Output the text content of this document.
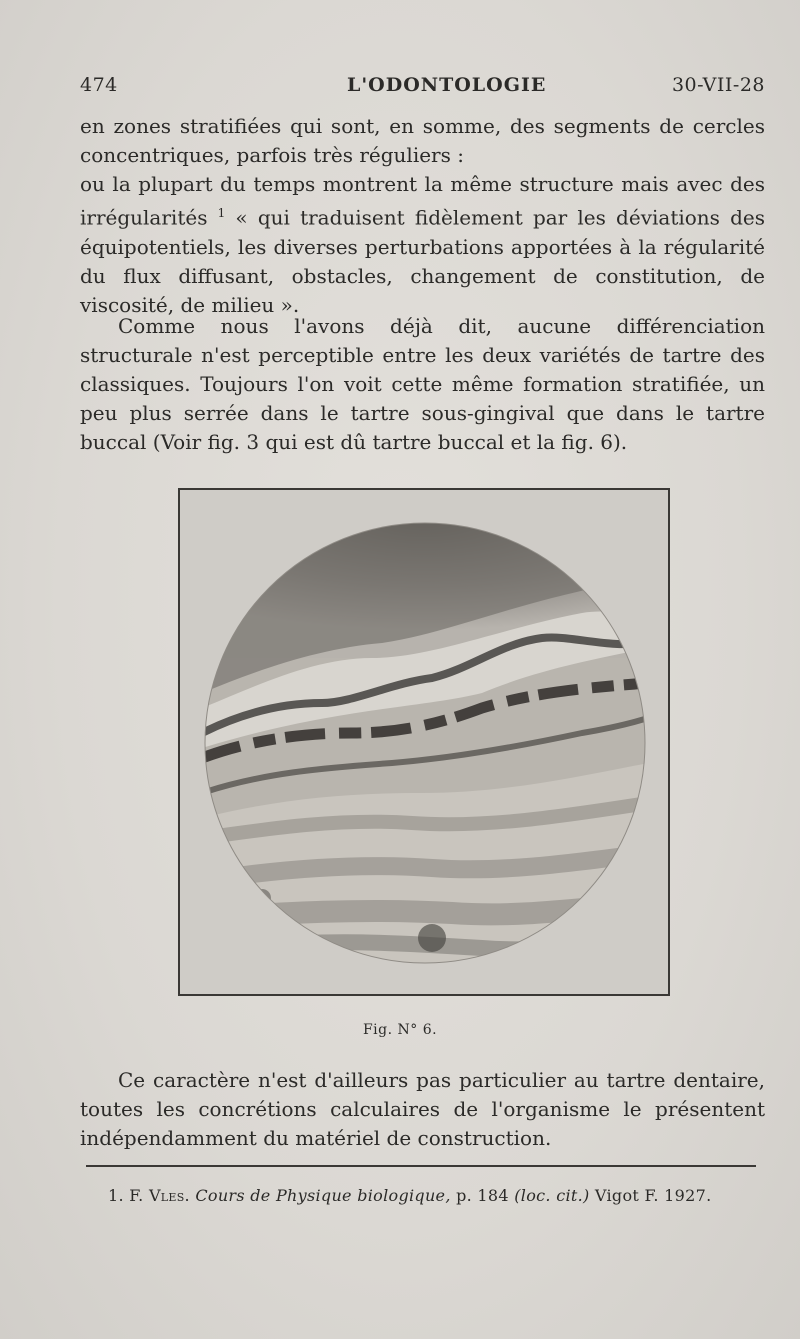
474	L'ODONTOLOGIE	30-VII-28

en zones stratifiées qui sont, en somme, des segments de cercles concentriques, parfois très réguliers :

ou la plupart du temps montrent la même structure mais avec des irrégularités $^1$ « qui traduisent fidèlement par les déviations des équipotentiels, les diverses perturbations apportées à la régularité du flux diffusant, obstacles, changement de constitution, de viscosité, de milieu ».

Comme nous l'avons déjà dit, aucune différenciation structurale n'est perceptible entre les deux variétés de tartre des classiques. Toujours l'on voit cette même formation stratifiée, un peu plus serrée dans le tartre sous-gingival que dans le tartre buccal (Voir fig. 3 qui est dû tartre buccal et la fig. 6).

Fig. N° 6.

Ce caractère n'est d'ailleurs pas particulier au tartre dentaire, toutes les concrétions calculaires de l'organisme le présentent indépendamment du matériel de construction.

1. F. Vles. Cours de Physique biologique, p. 184 (loc. cit.) Vigot F. 1927.
